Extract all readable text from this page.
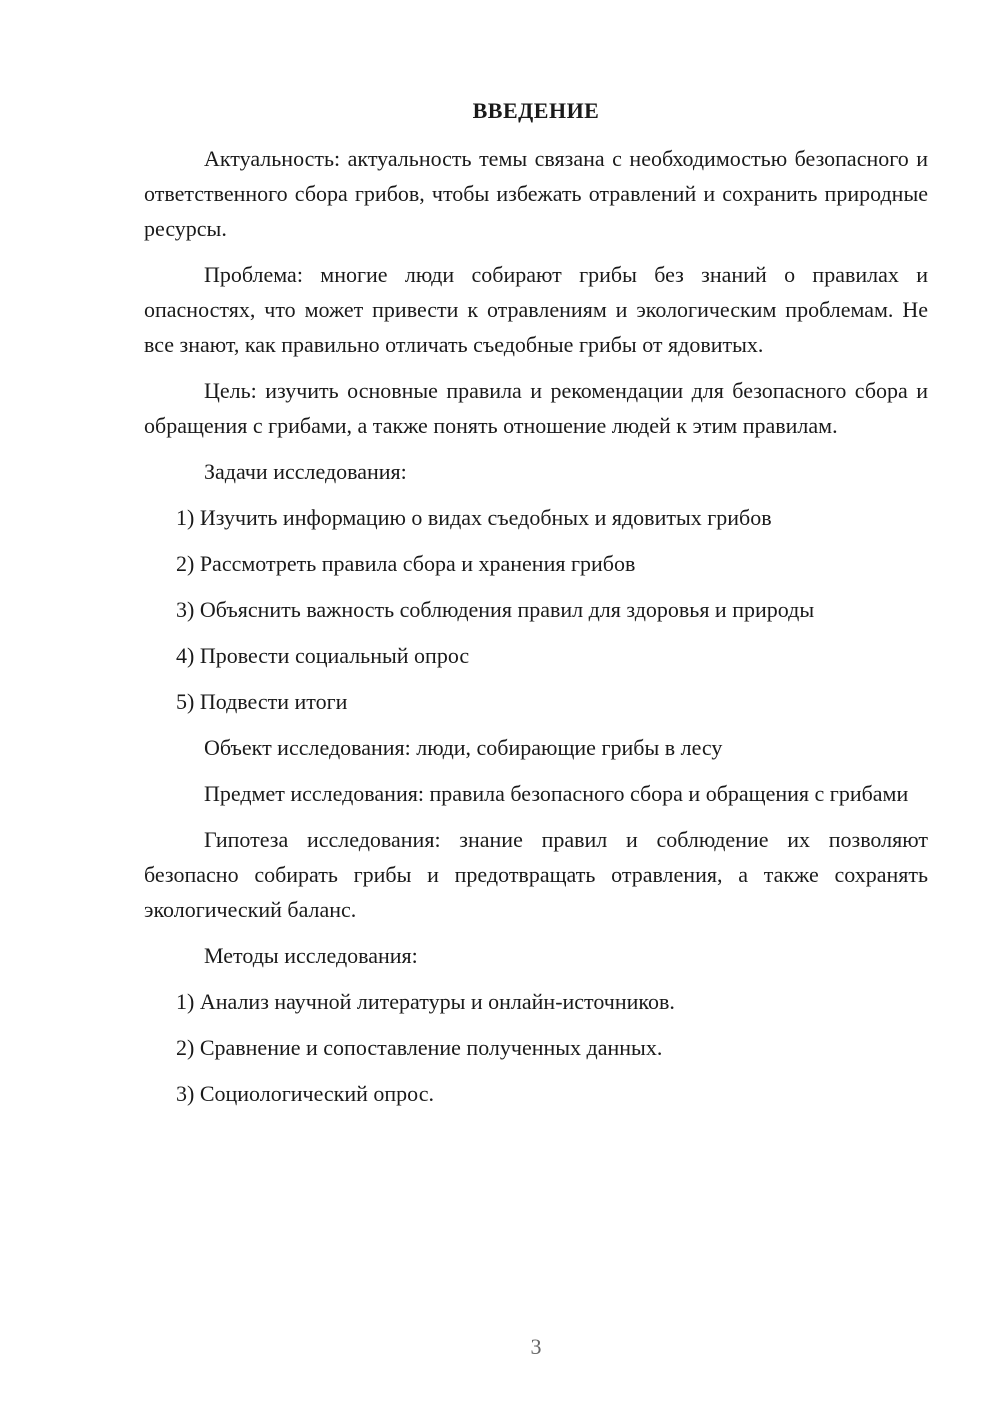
ВВЕДЕНИЕ

Актуальность: актуальность темы связана с необходимостью безопасного и ответственного сбора грибов, чтобы избежать отравлений и сохранить природные ресурсы.

Проблема: многие люди собирают грибы без знаний о правилах и опасностях, что может привести к отравлениям и экологическим проблемам. Не все знают, как правильно отличать съедобные грибы от ядовитых.

Цель: изучить основные правила и рекомендации для безопасного сбора и обращения с грибами, а также понять отношение людей к этим правилам.

Задачи исследования:

1) Изучить информацию о видах съедобных и ядовитых грибов

2) Рассмотреть правила сбора и хранения грибов

3) Объяснить важность соблюдения правил для здоровья и природы

4) Провести социальный опрос

5) Подвести итоги

Объект исследования: люди, собирающие грибы в лесу

Предмет исследования: правила безопасного сбора и обращения с грибами

Гипотеза исследования: знание правил и соблюдение их позволяют безопасно собирать грибы и предотвращать отравления, а также сохранять экологический баланс.

Методы исследования:

1) Анализ научной литературы и онлайн-источников.

2) Сравнение и сопоставление полученных данных.

3) Социологический опрос.

3
